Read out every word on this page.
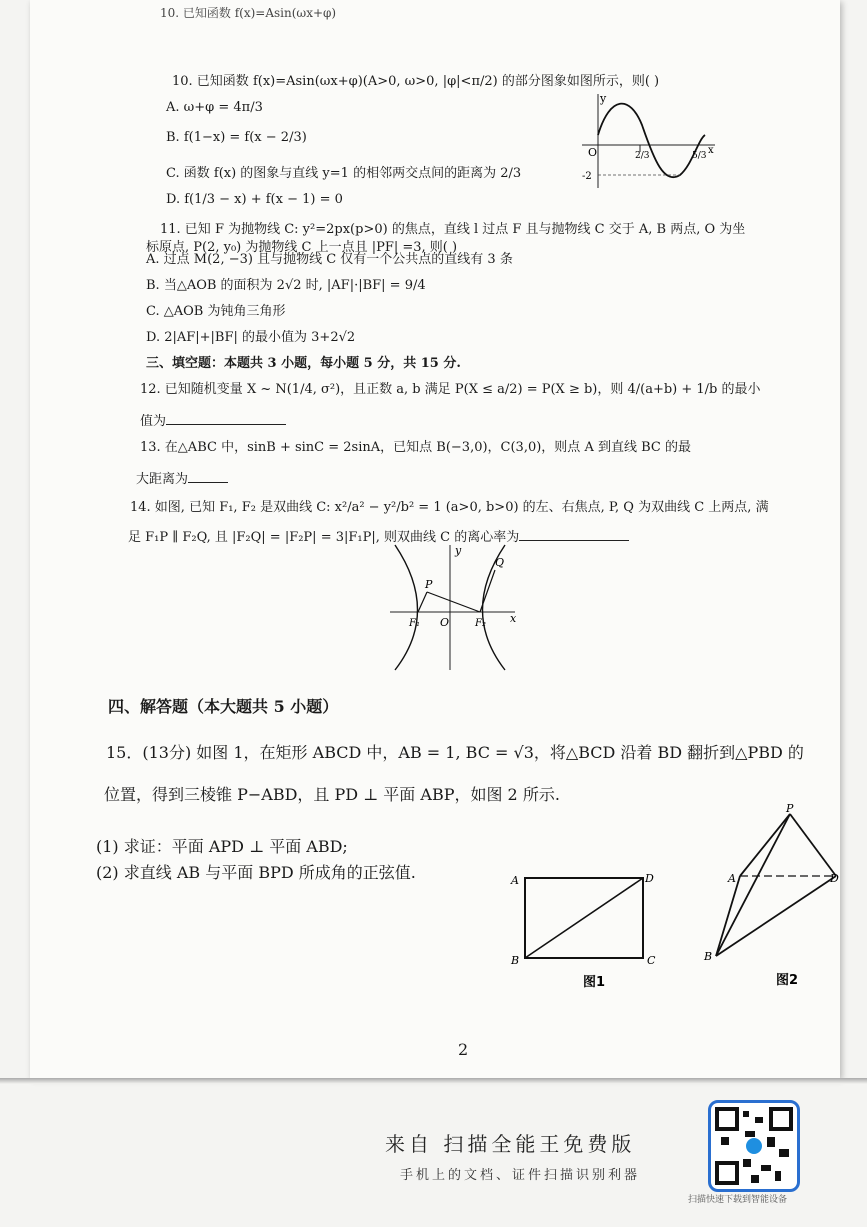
10. 已知函数 f(x)=Asin(ωx+φ)
10. 已知函数 f(x)=Asin(ωx+φ)(A>0, ω>0, |φ|<π/2) 的部分图象如图所示，则( )
A. ω+φ = 4π/3
B. f(1−x) = f(x − 2/3)
C. 函数 f(x) 的图象与直线 y=1 的相邻两交点间的距离为 2/3
D. f(1/3 − x) + f(x − 1) = 0
y
O	2/3	5/3
-2
x
11. 已知 F 为抛物线 C: y²=2px(p>0) 的焦点，直线 l 过点 F 且与抛物线 C 交于 A, B 两点, O 为坐
标原点, P(2, y₀) 为抛物线 C 上一点且 |PF| =3, 则( )
A. 过点 M(2, −3) 且与抛物线 C 仅有一个公共点的直线有 3 条
B. 当△AOB 的面积为 2√2 时, |AF|·|BF| = 9/4
C. △AOB 为钝角三角形
D. 2|AF|+|BF| 的最小值为 3+2√2
三、填空题：本题共 3 小题，每小题 5 分，共 15 分.
12. 已知随机变量 X ~ N(1/4, σ²)，且正数 a, b 满足 P(X ≤ a/2) = P(X ≥ b)，则 4/(a+b) + 1/b 的最小
值为
13. 在△ABC 中，sinB + sinC = 2sinA，已知点 B(−3,0)，C(3,0)，则点 A 到直线 BC 的最
大距离为
14. 如图, 已知 F₁, F₂ 是双曲线 C: x²/a² − y²/b² = 1 (a>0, b>0) 的左、右焦点, P, Q 为双曲线 C 上两点, 满
足 F₁P ∥ F₂Q, 且 |F₂Q| = |F₂P| = 3|F₁P|, 则双曲线 C 的离心率为
y
x
P
Q
F₁	F₂
O
四、解答题（本大题共 5 小题）
15．(13分) 如图 1，在矩形 ABCD 中，AB = 1, BC = √3，将△BCD 沿着 BD 翻折到△PBD 的
位置，得到三棱锥 P−ABD，且 PD ⊥ 平面 ABP，如图 2 所示.
(1) 求证：平面 APD ⊥ 平面 ABD;
(2) 求直线 AB 与平面 BPD 所成角的正弦值.	A	D
B	C
图1
P
A
B
D
图2
2
来自 扫描全能王免费版
手机上的文档、证件扫描识别利器
扫描快速下载到智能设备
